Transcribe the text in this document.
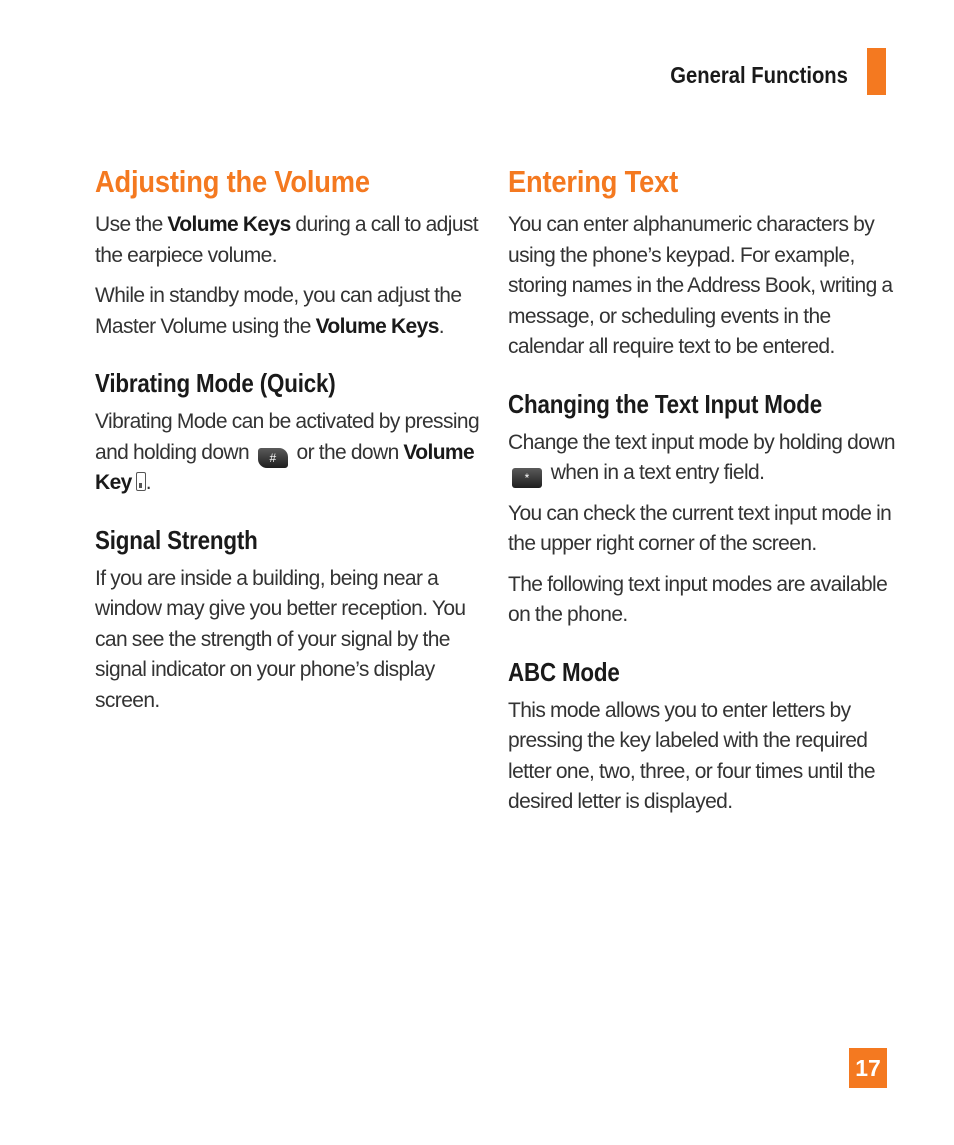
General Functions
Adjusting the Volume

Use the Volume Keys during a call to adjust the earpiece volume.

While in standby mode, you can adjust the Master Volume using the Volume Keys.

Vibrating Mode (Quick)

Vibrating Mode can be activated by pressing and holding down # or the down Volume Key .

Signal Strength

If you are inside a building, being near a window may give you better reception. You can see the strength of your signal by the signal indicator on your phone’s display screen.

Entering Text

You can enter alphanumeric characters by using the phone’s keypad. For example, storing names in the Address Book, writing a message, or scheduling events in the calendar all require text to be entered.

Changing the Text Input Mode

Change the text input mode by holding down * when in a text entry field.

You can check the current text input mode in the upper right corner of the screen.

The following text input modes are available on the phone.

ABC Mode

This mode allows you to enter letters by pressing the key labeled with the required letter one, two, three, or four times until the desired letter is displayed.

17
